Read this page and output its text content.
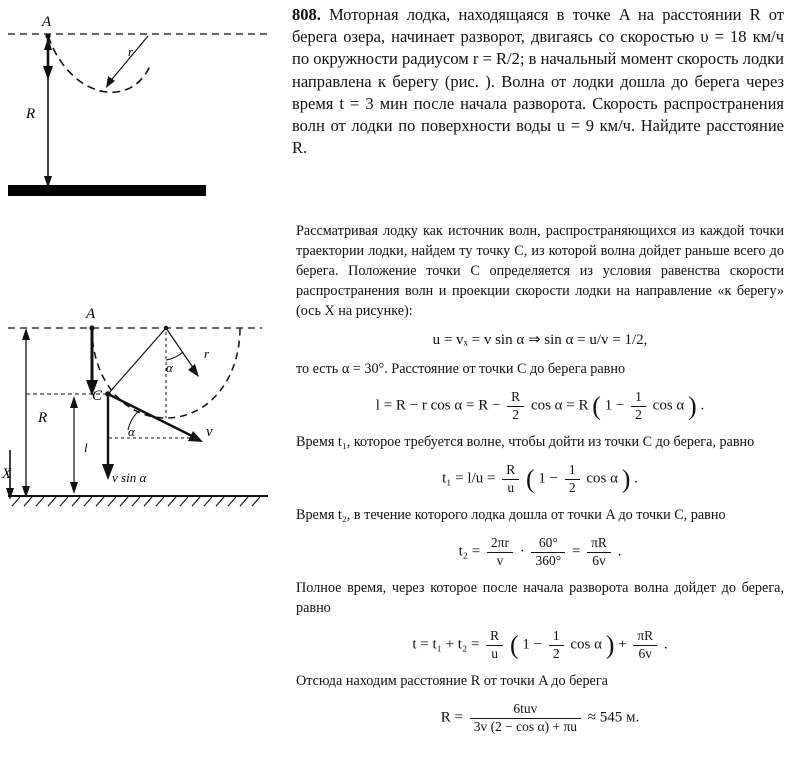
A
R
r
A
C
R
r
l
v
X
α
α
v sin α
808. Моторная лодка, находящаяся в точке A на расстоянии R от берега озера, начинает разворот, двигаясь со скоростью υ = 18 км/ч по окружности радиусом r = R/2; в начальный момент скорость лодки направлена к берегу (рис. ). Волна от лодки дошла до берега через время t = 3 мин после начала разворота. Скорость распространения волн от лодки по поверхности воды u = 9 км/ч. Найдите расстояние R.

Рассматривая лодку как источник волн, распространяющихся из каждой точки траектории лодки, найдем ту точку C, из которой волна дойдет раньше всего до берега. Положение точки C определяется из условия равенства скорости распространения волн и проекции скорости лодки на направление «к берегу» (ось X на рисунке):

u = vₓ = v sin α ⇒ sin α = u/v = 1/2,

то есть α = 30°. Расстояние от точки C до берега равно

l = R − r $\cos \alpha = R - \frac{R}{2}$ cos α = R ( $1 - \frac{1}{2}$ cos α ) .

Время t₁, которое требуется волне, чтобы дойти из точки C до берега, равно

$t_1 = l/u = \frac{R}{u}$ ( $1 - \frac{1}{2}$ cos α ) .

Время t₂, в течение которого лодка дошла от точки A до точки C, равно

$t_2 = \frac{2\pi r}{v} \cdot \frac{60^\circ}{360^\circ} = \frac{\pi R}{6v}$ .

Полное время, через которое после начала разворота волна дойдет до берега, равно

$t = t_1 + t_2 = \frac{R}{u}$ ( $1 - \frac{1}{2}$ cos α ) + $\frac{\pi R}{6v}$ .

Отсюда находим расстояние R от точки A до берега

$R = \frac{\text{6tuv}}{\text{3v (2 − cos α) + πu}} \approx 545$ м.
